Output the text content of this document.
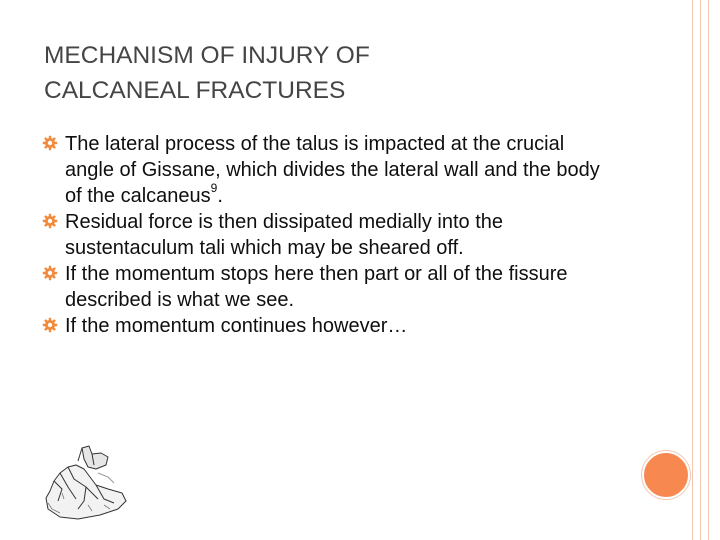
MECHANISM OF INJURY OF
CALCANEAL FRACTURES
The lateral process of the talus is impacted at the crucial angle of Gissane, which divides the lateral wall and the body of the calcaneus$^9$.
Residual force is then dissipated medially into the sustentaculum tali which may be sheared off.
If the momentum stops here then part or all of the fissure described is what we see.
If the momentum continues however…
